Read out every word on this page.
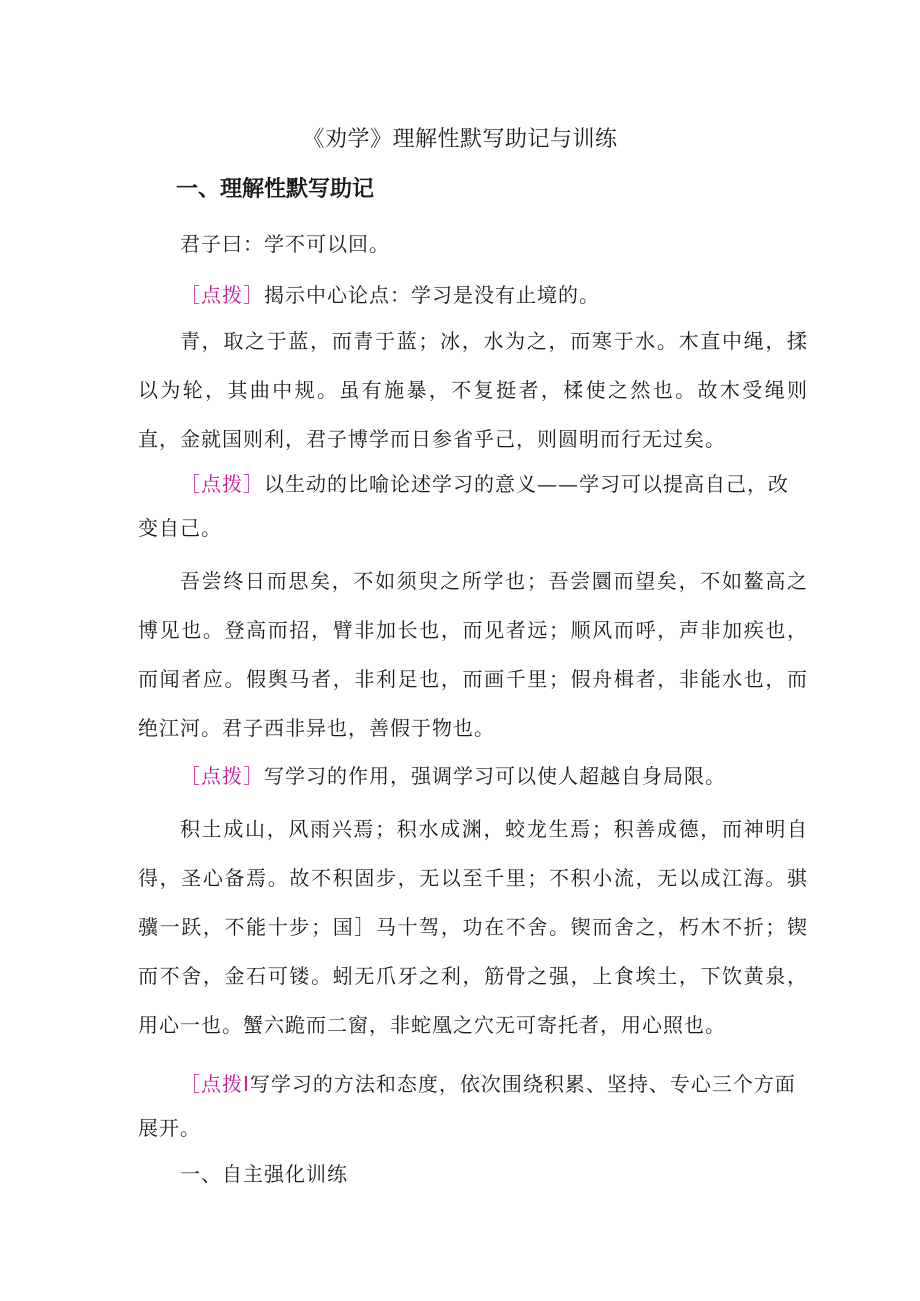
《劝学》理解性默写助记与训练
一、理解性默写助记

君子曰：学不可以回。

［点拨］揭示中心论点：学习是没有止境的。

青，取之于蓝，而青于蓝；冰，水为之，而寒于水。木直中绳，揉以为轮，其曲中规。虽有施暴，不复挺者，楺使之然也。故木受绳则直，金就国则利，君子博学而日参省乎己，则圆明而行无过矣。

［点拨］以生动的比喻论述学习的意义——学习可以提高自己，改变自己。

吾尝终日而思矣，不如须臾之所学也；吾尝圜而望矣，不如鳌高之博见也。登高而招，臂非加长也，而见者远；顺风而呼，声非加疾也，而闻者应。假舆马者，非利足也，而画千里；假舟楫者，非能水也，而绝江河。君子西非异也，善假于物也。

［点拨］写学习的作用，强调学习可以使人超越自身局限。

积土成山，风雨兴焉；积水成渊，蛟龙生焉；积善成德，而神明自得，圣心备焉。故不积固步，无以至千里；不积小流，无以成江海。骐骥一跃，不能十步；国］马十驾，功在不舍。锲而舍之，朽木不折；锲而不舍，金石可镂。蚓无爪牙之利，筋骨之强，上食埃土，下饮黄泉，用心一也。蟹六跪而二窗，非蛇凰之穴无可寄托者，用心照也。

［点拨Ⅰ写学习的方法和态度，依次围绕积累、坚持、专心三个方面展开。

一、自主强化训练
